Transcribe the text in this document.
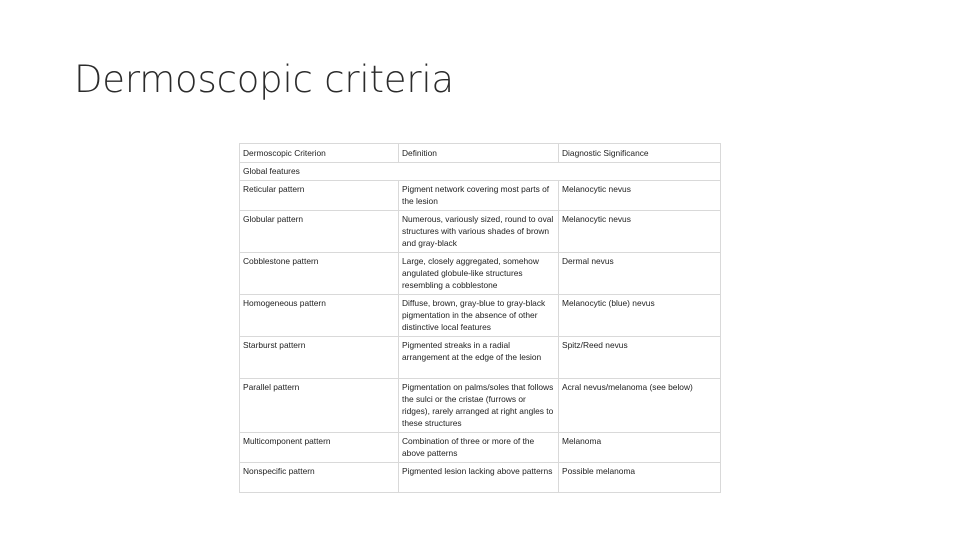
Dermoscopic criteria
Dermoscopic Criterion	Definition	Diagnostic Significance
Global features		
Reticular pattern	Pigment network covering most parts of the lesion	Melanocytic nevus
Globular pattern	Numerous, variously sized, round to oval structures with various shades of brown and gray-black	Melanocytic nevus
Cobblestone pattern	Large, closely aggregated, somehow angulated globule-like structures resembling a cobblestone	Dermal nevus
Homogeneous pattern	Diffuse, brown, gray-blue to gray-black pigmentation in the absence of other distinctive local features	Melanocytic (blue) nevus
Starburst pattern	Pigmented streaks in a radial arrangement at the edge of the lesion	Spitz/Reed nevus
Parallel pattern	Pigmentation on palms/soles that follows the sulci or the cristae (furrows or ridges), rarely arranged at right angles to these structures	Acral nevus/melanoma (see below)
Multicomponent pattern	Combination of three or more of the above patterns	Melanoma
Nonspecific pattern	Pigmented lesion lacking above patterns	Possible melanoma
